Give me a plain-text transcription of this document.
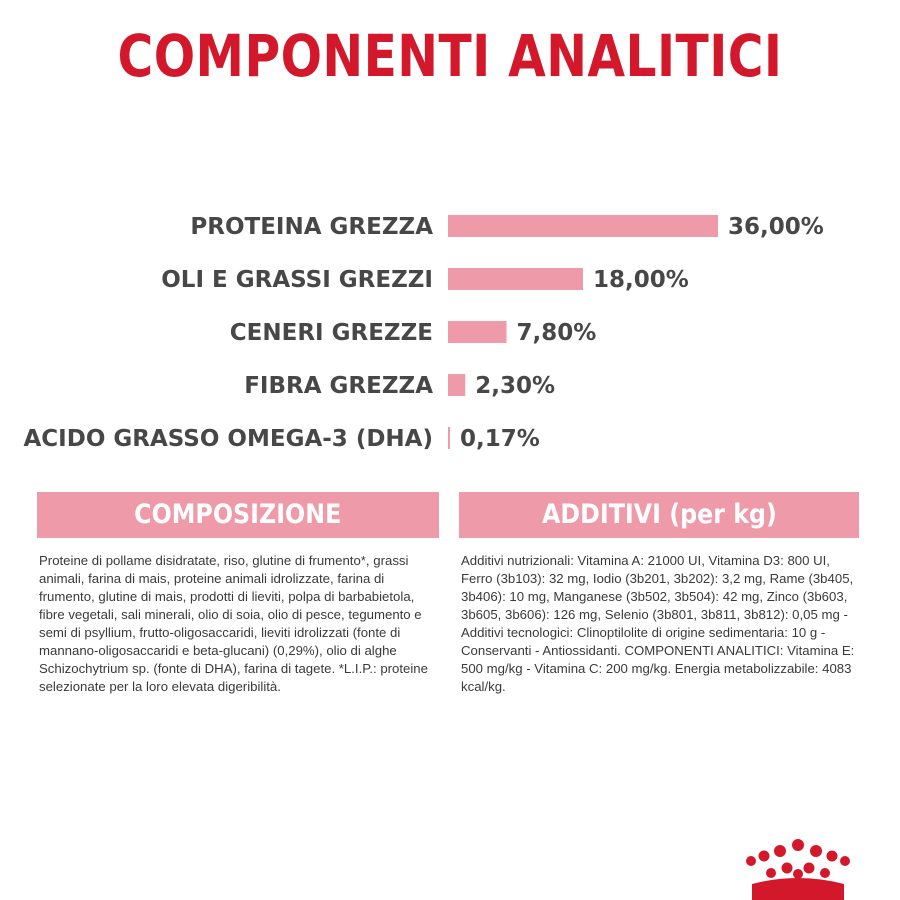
COMPONENTI ANALITICI
PROTEINA GREZZA	36,00%
OLI E GRASSI GREZZI	18,00%
CENERI GREZZE	7,80%
FIBRA GREZZA 2,30%
ACIDO GRASSO OMEGA-3 (DHA) 0,17%
COMPOSIZIONE
Proteine di pollame disidratate, riso, glutine di frumento*, grassi animali, farina di mais, proteine animali idrolizzate, farina di frumento, glutine di mais, prodotti di lieviti, polpa di barbabietola, fibre vegetali, sali minerali, olio di soia, olio di pesce, tegumento e semi di psyllium, frutto-oligosaccaridi, lieviti idrolizzati (fonte di mannano-oligosaccaridi e beta-glucani) (0,29%), olio di alghe Schizochytrium sp. (fonte di DHA), farina di tagete. *L.I.P.: proteine selezionate per la loro elevata digeribilità.
ADDITIVI (per kg)
Additivi nutrizionali: Vitamina A: 21000 UI, Vitamina D3: 800 UI, Ferro (3b103): 32 mg, Iodio (3b201, 3b202): 3,2 mg, Rame (3b405, 3b406): 10 mg, Manganese (3b502, 3b504): 42 mg, Zinco (3b603, 3b605, 3b606): 126 mg, Selenio (3b801, 3b811, 3b812): 0,05 mg - Additivi tecnologici: Clinoptilolite di origine sedimentaria: 10 g - Conservanti - Antiossidanti. COMPONENTI ANALITICI: Vitamina E: 500 mg/kg - Vitamina C: 200 mg/kg. Energia metabolizzabile: 4083 kcal/kg.
